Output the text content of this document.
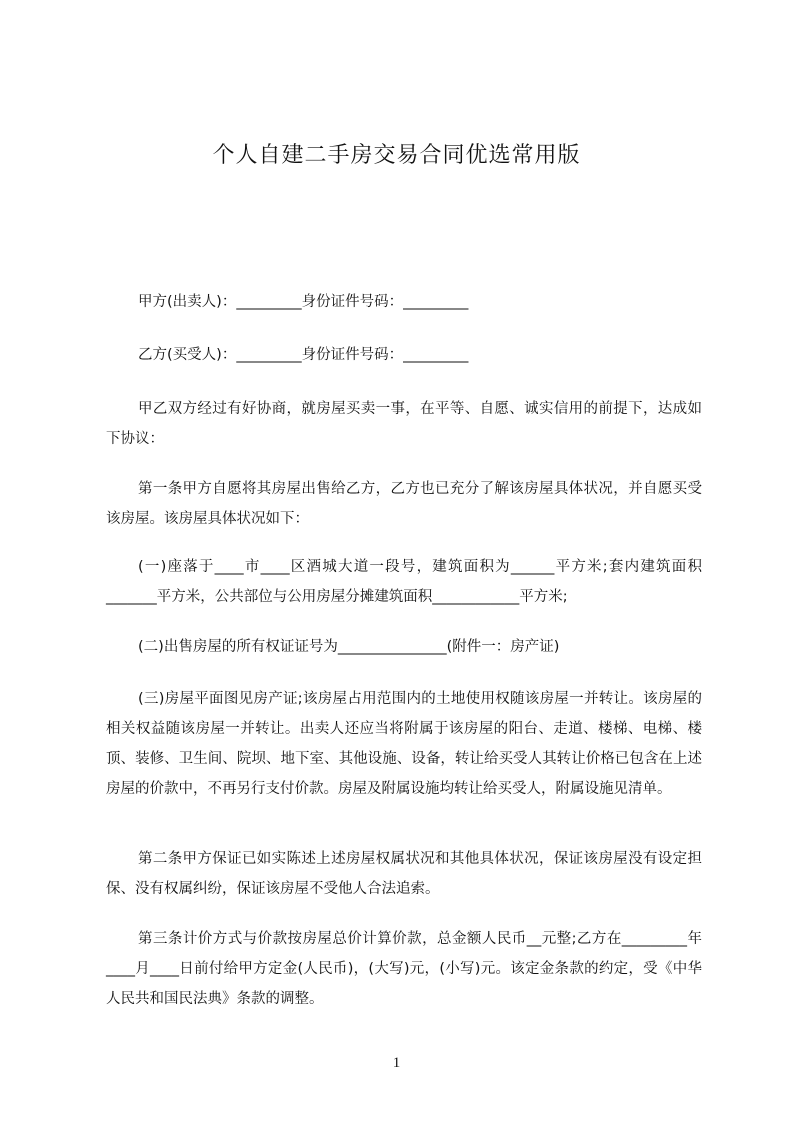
个人自建二手房交易合同优选常用版
甲方(出卖人)：_________身份证件号码：_________
乙方(买受人)：_________身份证件号码：_________
甲乙双方经过有好协商，就房屋买卖一事，在平等、自愿、诚实信用的前提下，达成如下协议：
第一条甲方自愿将其房屋出售给乙方，乙方也已充分了解该房屋具体状况，并自愿买受该房屋。该房屋具体状况如下：
(一)座落于____市____区酒城大道一段号，建筑面积为______平方米;套内建筑面积_______平方米，公共部位与公用房屋分摊建筑面积____________平方米;
(二)出售房屋的所有权证证号为_______________(附件一：房产证)
(三)房屋平面图见房产证;该房屋占用范围内的土地使用权随该房屋一并转让。该房屋的相关权益随该房屋一并转让。出卖人还应当将附属于该房屋的阳台、走道、楼梯、电梯、楼顶、装修、卫生间、院坝、地下室、其他设施、设备，转让给买受人其转让价格已包含在上述房屋的价款中，不再另行支付价款。房屋及附属设施均转让给买受人，附属设施见清单。
第二条甲方保证已如实陈述上述房屋权属状况和其他具体状况，保证该房屋没有设定担保、没有权属纠纷，保证该房屋不受他人合法追索。
第三条计价方式与价款按房屋总价计算价款，总金额人民币__元整;乙方在_________年____月____日前付给甲方定金(人民币)，(大写)元，(小写)元。该定金条款的约定，受《中华人民共和国民法典》条款的调整。
1
